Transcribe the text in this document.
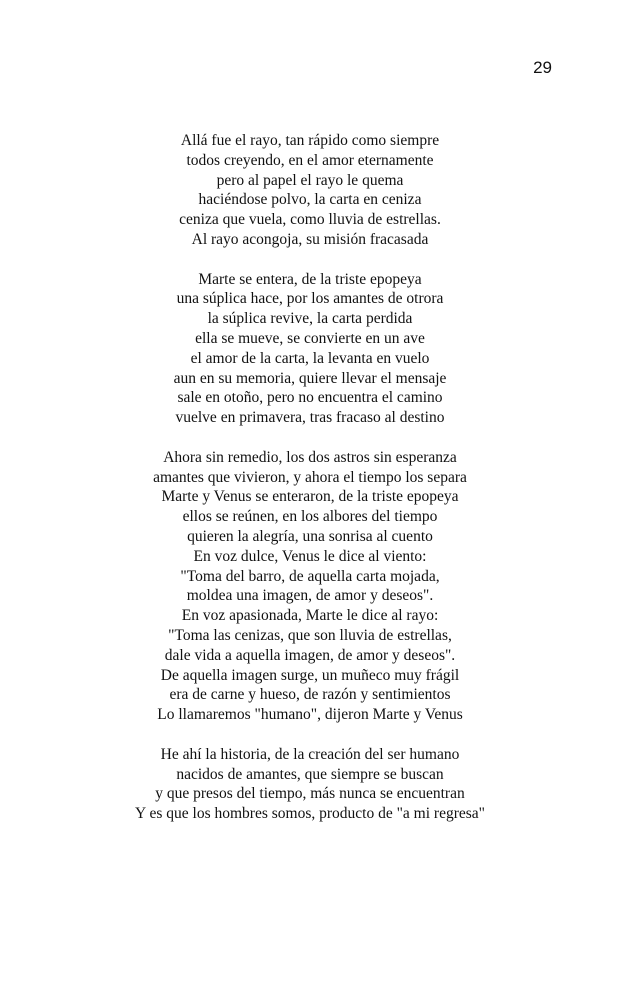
29

Allá fue el rayo, tan rápido como siempre
todos creyendo, en el amor eternamente
pero al papel el rayo le quema
haciéndose polvo, la carta en ceniza
ceniza que vuela, como lluvia de estrellas.
Al rayo acongoja, su misión fracasada

Marte se entera, de la triste epopeya
una súplica hace, por los amantes de otrora
la súplica revive, la carta perdida
ella se mueve, se convierte en un ave
el amor de la carta, la levanta en vuelo
aun en su memoria, quiere llevar el mensaje
sale en otoño, pero no encuentra el camino
vuelve en primavera, tras fracaso al destino

Ahora sin remedio, los dos astros sin esperanza
amantes que vivieron, y ahora el tiempo los separa
Marte y Venus se enteraron, de la triste epopeya
ellos se reúnen, en los albores del tiempo
quieren la alegría, una sonrisa al cuento
En voz dulce, Venus le dice al viento:
"Toma del barro, de aquella carta mojada,
moldea una imagen, de amor y deseos".
En voz apasionada, Marte le dice al rayo:
"Toma las cenizas, que son lluvia de estrellas,
dale vida a aquella imagen, de amor y deseos".
De aquella imagen surge, un muñeco muy frágil
era de carne y hueso, de razón y sentimientos
Lo llamaremos "humano", dijeron Marte y Venus

He ahí la historia, de la creación del ser humano
nacidos de amantes, que siempre se buscan
y que presos del tiempo, más nunca se encuentran
Y es que los hombres somos, producto de "a mi regresa"
